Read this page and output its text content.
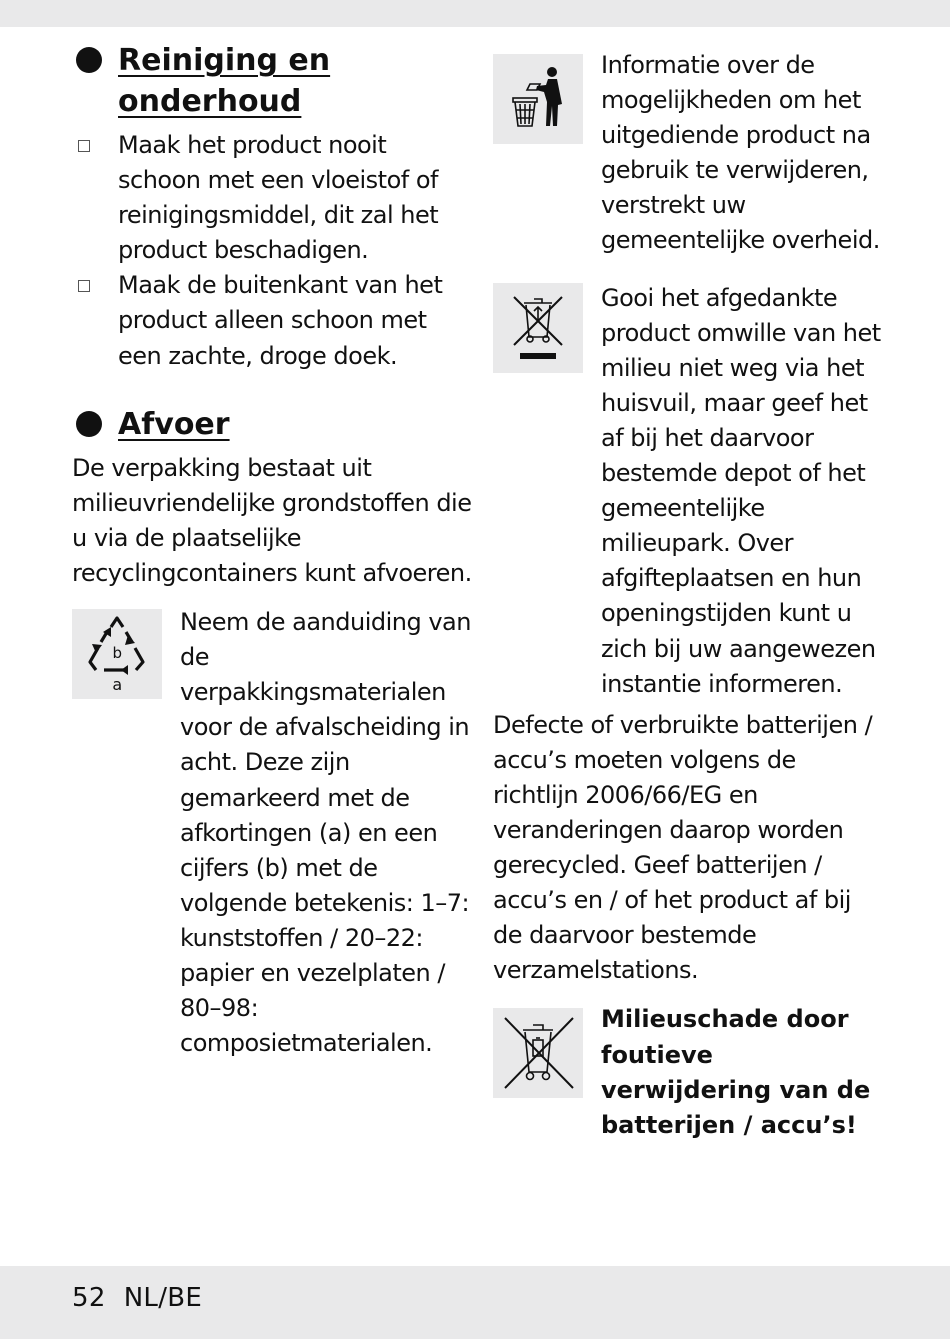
Reiniging en
onderhoud
Maak het product nooit schoon met een vloeistof of reinigingsmiddel, dit zal het product beschadigen.
Maak de buitenkant van het product alleen schoon met een zachte, droge doek.
Afvoer

De verpakking bestaat uit milieuvriendelijke grondstoffen die u via de plaatselijke recyclingcontainers kunt afvoeren.

b
a

Neem de aanduiding van de verpakkingsmaterialen voor de afvalscheiding in acht. Deze zijn gemarkeerd met de afkortingen (a) en een cijfers (b) met de volgende betekenis: 1–7: kunststoffen / 20–22: papier en vezelplaten / 80–98: composietmaterialen.

Informatie over de mogelijkheden om het uitgediende product na gebruik te verwijderen, verstrekt uw gemeentelijke overheid.

Gooi het afgedankte product omwille van het milieu niet weg via het huisvuil, maar geef het af bij het daarvoor bestemde depot of het gemeentelijke milieupark. Over afgifteplaatsen en hun openingstijden kunt u zich bij uw aangewezen instantie informeren.

Defecte of verbruikte batterijen / accu’s moeten volgens de richtlijn 2006/66/EG en veranderingen daarop worden gerecycled. Geef batterijen / accu’s en / of het product af bij de daarvoor bestemde verzamelstations.

Milieuschade door foutieve verwijdering van de batterijen / accu’s!

52 NL/BE
